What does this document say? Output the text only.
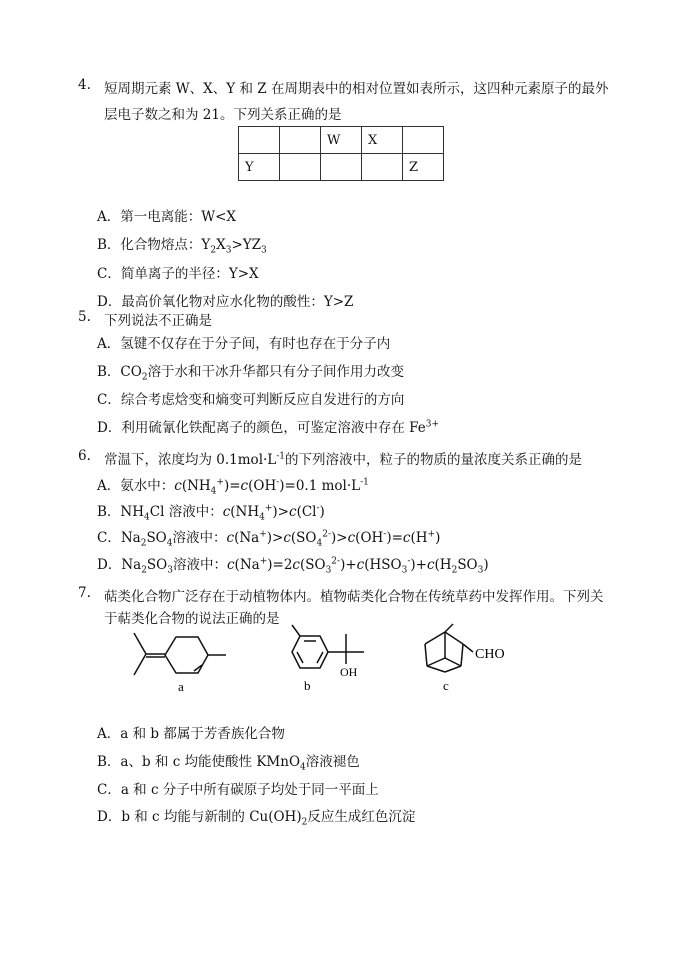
4. 短周期元素 W、X、Y 和 Z 在周期表中的相对位置如表所示，这四种元素原子的最外
层电子数之和为 21。下列关系正确的是
		W	X	
Y				Z
A．第一电离能：W<X
B．化合物熔点：$Y_2X_3>YZ_3$
C．简单离子的半径：Y>X
D．最高价氧化物对应水化物的酸性：Y>Z
5. 下列说法不正确是
A．氢键不仅存在于分子间，有时也存在于分子内
B．$CO_2$溶于水和干冰升华都只有分子间作用力改变
C．综合考虑焓变和熵变可判断反应自发进行的方向
D．利用硫氰化铁配离子的颜色，可鉴定溶液中存在 $Fe^{3+}$
6. 常温下，浓度均为 $0.1mol\cdot L^{-1}$的下列溶液中，粒子的物质的量浓度关系正确的是
A．氨水中：$c(NH_4^+)=c(OH^-)=0.1$ $mol\cdot L^{-1}$
B．$NH_4Cl$ 溶液中：$c(NH_4^+)>c(Cl^-)$
C．$Na_2SO_4$溶液中：$c(Na^+)>c(SO_4^{2-})>c(OH^-)=c(H^+)$
D．$Na_2SO_3$溶液中：$c(Na^+)=2c(SO_3^{2-})+c(HSO_3^-)+c(H_2SO_3)$
7. 萜类化合物广泛存在于动植物体内。植物萜类化合物在传统草药中发挥作用。下列关
于萜类化合物的说法正确的是
a
OH
b
CHO
c
A．a 和 b 都属于芳香族化合物
B．a、b 和 c 均能使酸性 KMnO$_4$溶液褪色
C．a 和 c 分子中所有碳原子均处于同一平面上
D．b 和 c 均能与新制的 $Cu(OH)_2$反应生成红色沉淀
